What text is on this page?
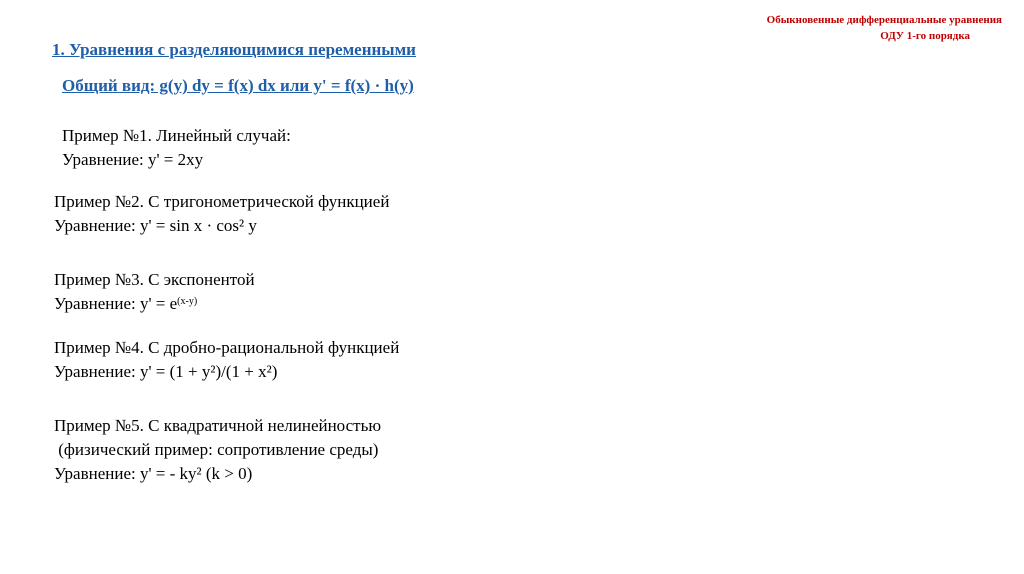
Обыкновенные дифференциальные уравнения
ОДУ 1-го порядка
1. Уравнения с разделяющимися переменными
Общий вид: g(y) dy = f(x) dx или y' = f(x) · h(y)
Пример №1. Линейный случай:
Уравнение: y' = 2xy
Пример №2. С тригонометрической функцией
Уравнение: y' = sin x · cos² y
Пример №3. С экспонентой
Уравнение: $y' = e^{(x-y)}$
Пример №4. С дробно-рациональной функцией
Уравнение: y' = (1 + y²)/(1 + x²)
Пример №5. С квадратичной нелинейностью
(физический пример: сопротивление среды)
Уравнение: y' = - ky² (k > 0)
